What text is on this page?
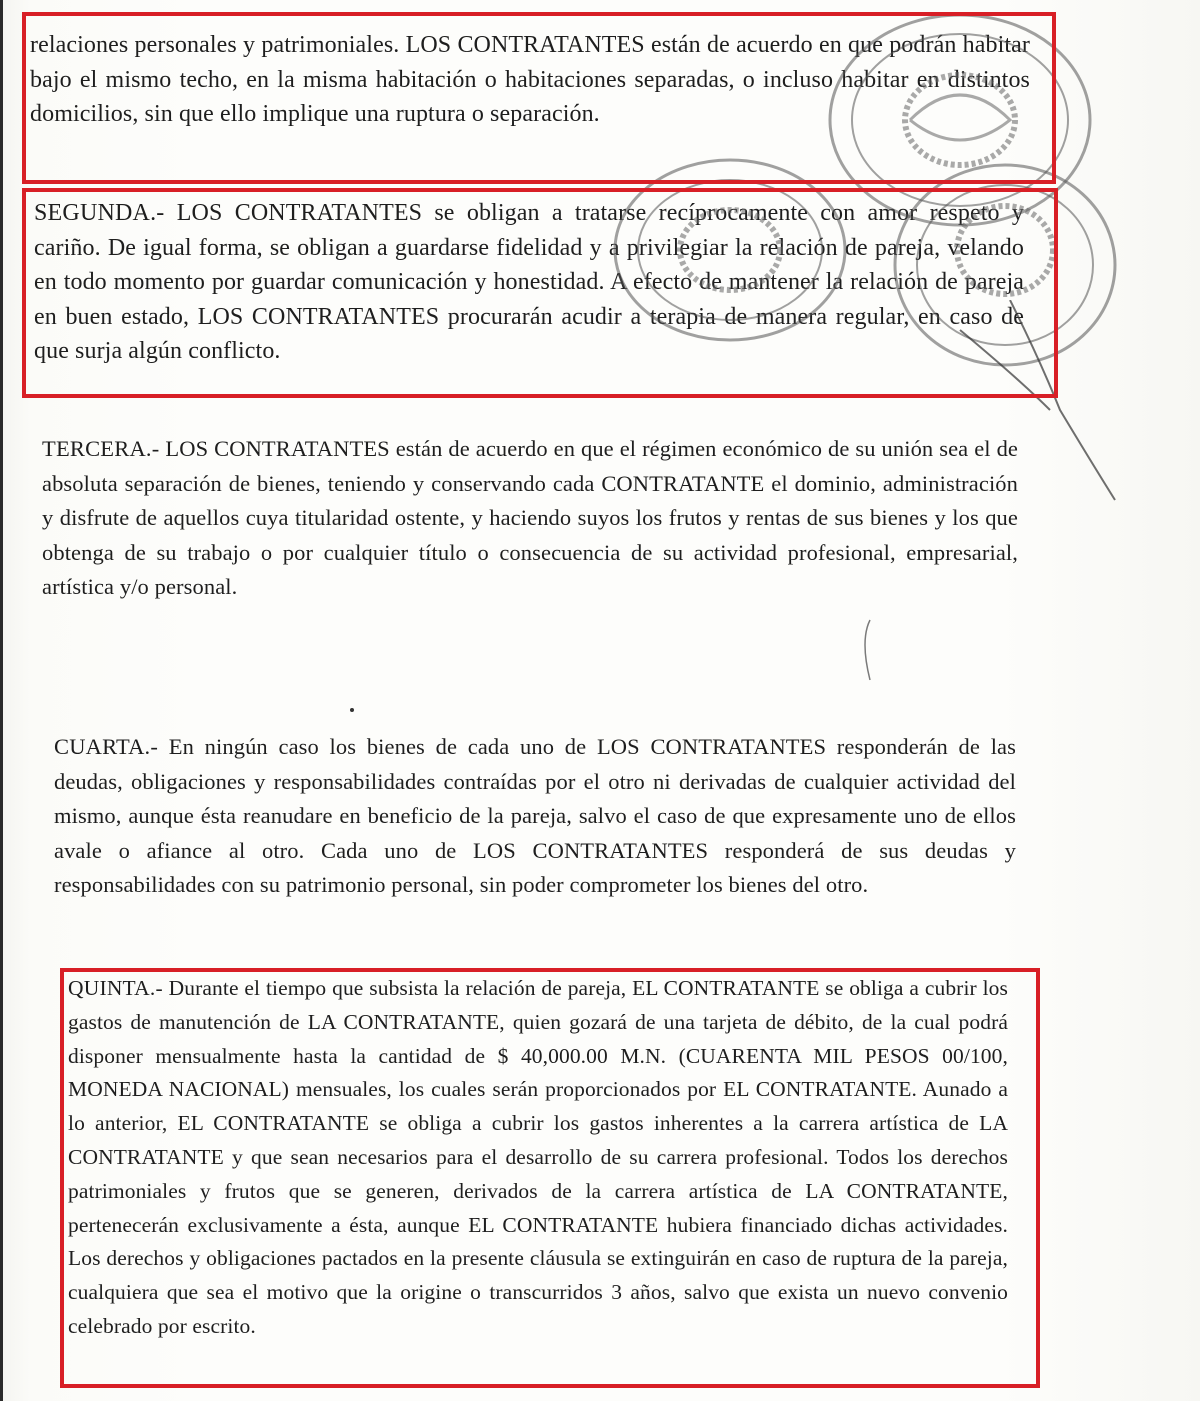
relaciones personales y patrimoniales. LOS CONTRATANTES están de acuerdo en que podrán habitar bajo el mismo techo, en la misma habitación o habitaciones separadas, o incluso habitar en distintos domicilios, sin que ello implique una ruptura o separación.

SEGUNDA.- LOS CONTRATANTES se obligan a tratarse recíprocamente con amor respeto y cariño. De igual forma, se obligan a guardarse fidelidad y a privilegiar la relación de pareja, velando en todo momento por guardar comunicación y honestidad. A efecto de mantener la relación de pareja en buen estado, LOS CONTRATANTES procurarán acudir a terapia de manera regular, en caso de que surja algún conflicto.

TERCERA.- LOS CONTRATANTES están de acuerdo en que el régimen económico de su unión sea el de absoluta separación de bienes, teniendo y conservando cada CONTRATANTE el dominio, administración y disfrute de aquellos cuya titularidad ostente, y haciendo suyos los frutos y rentas de sus bienes y los que obtenga de su trabajo o por cualquier título o consecuencia de su actividad profesional, empresarial, artística y/o personal.

CUARTA.- En ningún caso los bienes de cada uno de LOS CONTRATANTES responderán de las deudas, obligaciones y responsabilidades contraídas por el otro ni derivadas de cualquier actividad del mismo, aunque ésta reanudare en beneficio de la pareja, salvo el caso de que expresamente uno de ellos avale o afiance al otro. Cada uno de LOS CONTRATANTES responderá de sus deudas y responsabilidades con su patrimonio personal, sin poder comprometer los bienes del otro.

QUINTA.- Durante el tiempo que subsista la relación de pareja, EL CONTRATANTE se obliga a cubrir los gastos de manutención de LA CONTRATANTE, quien gozará de una tarjeta de débito, de la cual podrá disponer mensualmente hasta la cantidad de $ 40,000.00 M.N. (CUARENTA MIL PESOS 00/100, MONEDA NACIONAL) mensuales, los cuales serán proporcionados por EL CONTRATANTE. Aunado a lo anterior, EL CONTRATANTE se obliga a cubrir los gastos inherentes a la carrera artística de LA CONTRATANTE y que sean necesarios para el desarrollo de su carrera profesional. Todos los derechos patrimoniales y frutos que se generen, derivados de la carrera artística de LA CONTRATANTE, pertenecerán exclusivamente a ésta, aunque EL CONTRATANTE hubiera financiado dichas actividades. Los derechos y obligaciones pactados en la presente cláusula se extinguirán en caso de ruptura de la pareja, cualquiera que sea el motivo que la origine o transcurridos 3 años, salvo que exista un nuevo convenio celebrado por escrito.
